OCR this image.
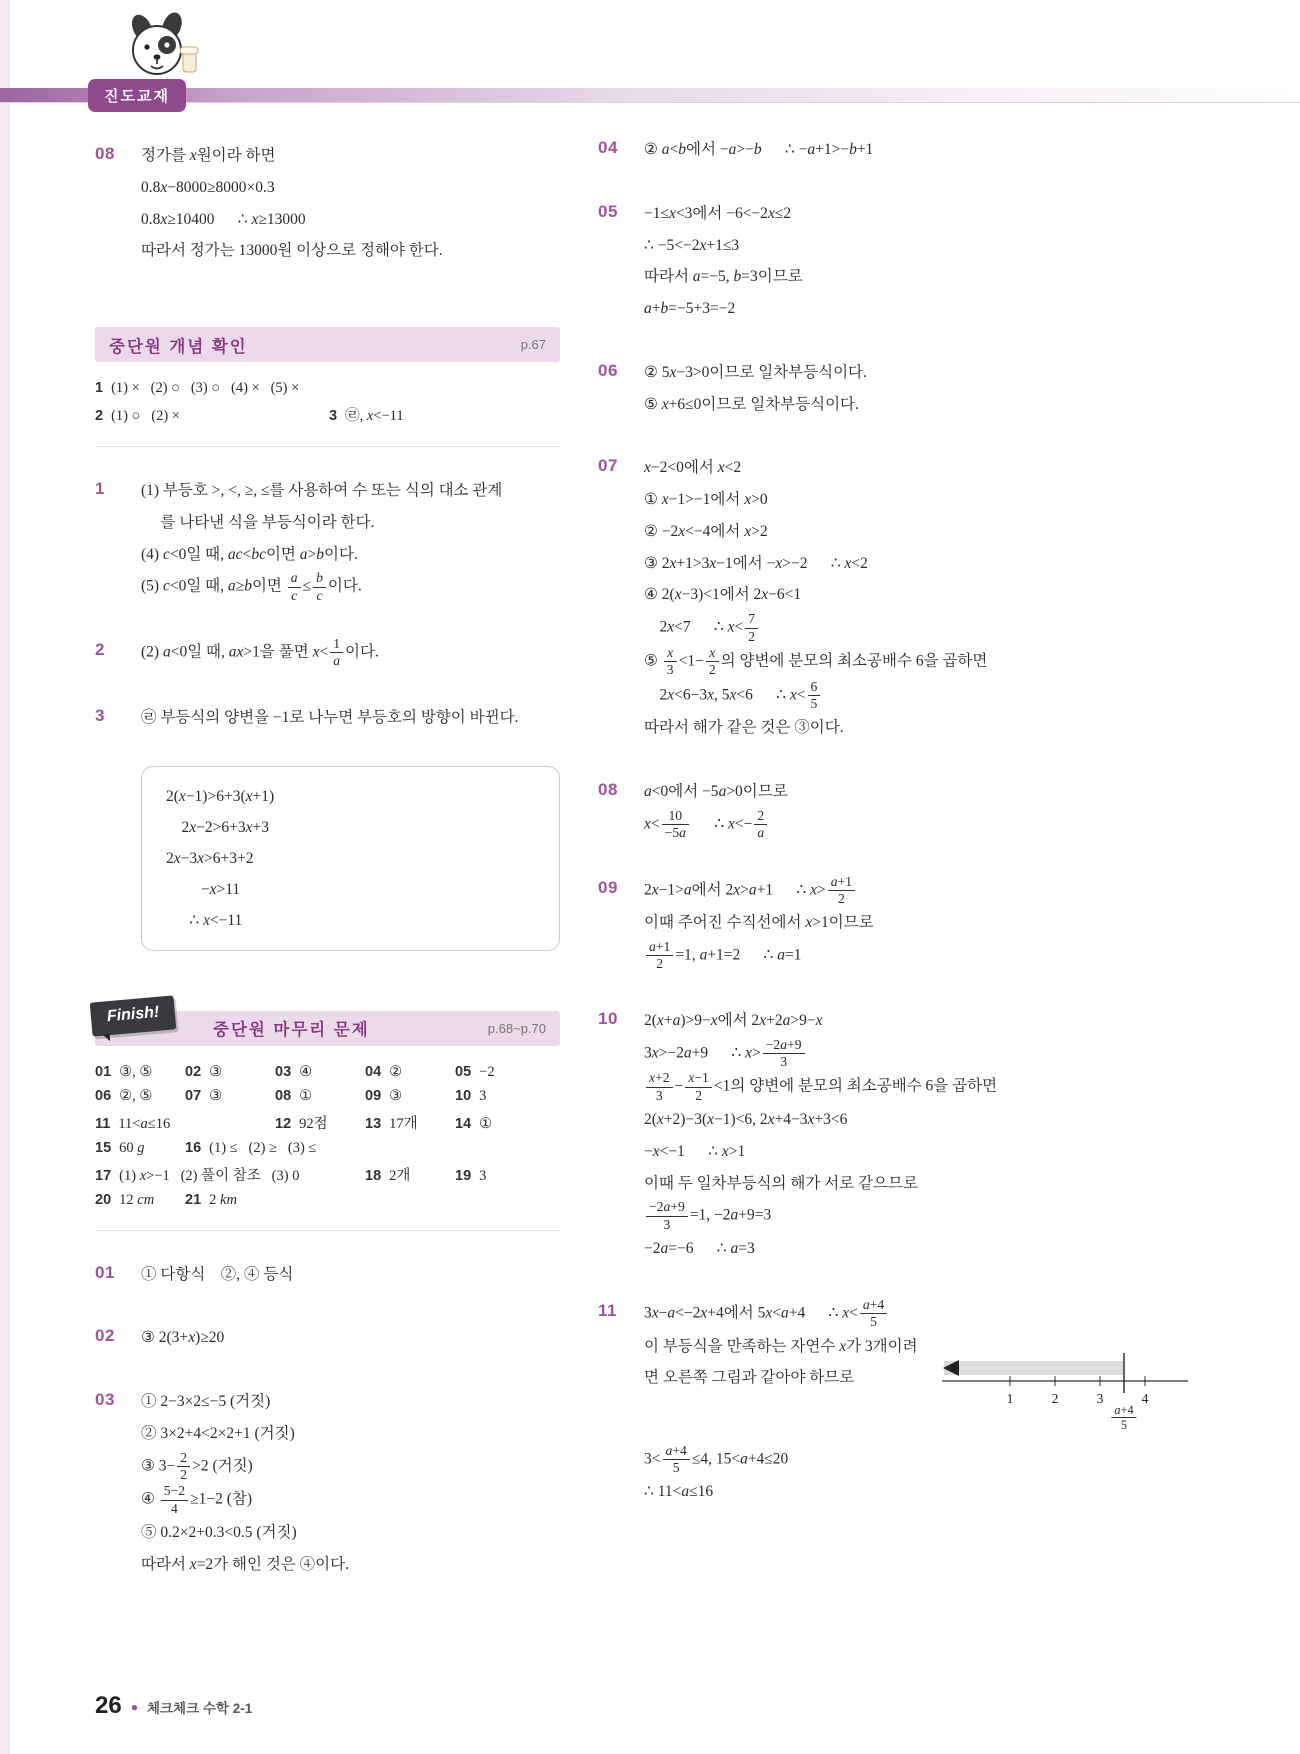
진도교재
08	정가를 x원이라 하면
0.8x−8000≥8000×0.3
0.8x≥10400      ∴ x≥13000
따라서 정가는 13000원 이상으로 정해야 한다.
중단원 개념 확인	p.67
1 (1) ×   (2) ○   (3) ○   (4) ×   (5) ×
2 (1) ○   (2) ×	3 ㉣, x<−11
1	(1) 부등호 >, <, ≥, ≤를 사용하여 수 또는 식의 대소 관계
를 나타낸 식을 부등식이라 한다.
(4) c<0일 때, ac<bc이면 a>b이다.
(5) c<0일 때, a≥b이면 $\frac{a}{c} \le \frac{b}{c}$ 이다.
2	(2) a<0일 때, ax>1을 풀면 $x< \frac{1}{a}$ 이다.
3	㉣ 부등식의 양변을 −1로 나누면 부등호의 방향이 바뀐다.
2(x−1)>6+3(x+1)
2x−2>6+3x+3
2x−3x>6+3+2
−x>11
∴ x<−11
Finish!
중단원 마무리 문제	p.68~p.70
01 ③, ⑤ 02 ③	03 ④	04 ②	05 −2
06 ②, ⑤ 07 ③	08 ①	09 ③	10 3
11 11<a≤16	12 92점	13 17개	14 ①
15 60 g	16 (1) ≤   (2) ≥   (3) ≤
17 (1) x>−1   (2) 풀이 참조   (3) 0	18 2개	19 3
20 12 cm 21 2 km
01	① 다항식    ②, ④ 등식
02	③ 2(3+x)≥20
03	① 2−3×2≤−5 (거짓)
② 3×2+4<2×2+1 (거짓)
③ $3- \frac{2}{2} >2$ (거짓)
④ $\frac{5-2}{4} \ge 1-2$ (참)
⑤ 0.2×2+0.3<0.5 (거짓)
따라서 x=2가 해인 것은 ④이다.
04	② a<b에서 −a>−b      ∴ −a+1>−b+1
05	−1≤x<3에서 −6<−2x≤2
∴ −5<−2x+1≤3
따라서 a=−5, b=3이므로
a+b=−5+3=−2
06	② 5x−3>0이므로 일차부등식이다.
⑤ x+6≤0이므로 일차부등식이다.
07	x−2<0에서 x<2
① x−1>−1에서 x>0
② −2x<−4에서 x>2
③ 2x+1>3x−1에서 −x>−2      ∴ x<2
④ 2(x−3)<1에서 2x−6<1
2x<7      ∴ $x< \frac{7}{2}$
⑤ $\frac{x}{3} <1- \frac{x}{2}$ 의 양변에 분모의 최소공배수 6을 곱하면
2x<6−3x, 5x<6      ∴ $x< \frac{6}{5}$
따라서 해가 같은 것은 ③이다.
08	a<0에서 −5a>0이므로
$x< \frac{10}{-5a}$ ∴ $x<- \frac{2}{a}$
09	2x−1>a에서 2x>a+1      ∴ $x> \frac{a+1}{2}$
이때 주어진 수직선에서 x>1이므로
$\frac{a+1}{2} =1$, a+1=2      ∴ a=1
10	2(x+a)>9−x에서 2x+2a>9−x
3x>−2a+9      ∴ $x> \frac{-2a+9}{3}$
$\frac{x+2}{3} - \frac{x-1}{2} <1$의 양변에 분모의 최소공배수 6을 곱하면
2(x+2)−3(x−1)<6, 2x+4−3x+3<6
−x<−1      ∴ x>1
이때 두 일차부등식의 해가 서로 같으므로
$\frac{-2a+9}{3} =1$, −2a+9=3
−2a=−6      ∴ a=3
11	3x−a<−2x+4에서 5x<a+4      ∴ $x< \frac{a+4}{5}$
이 부등식을 만족하는 자연수 x가 3개이려면 오른쪽 그림과 같아야 하므로
1	2	3	4
$\frac{a+4}{5}$
$3< \frac{a+4}{5} \le 4$, 15<a+4≤20
∴ 11<a≤16
26 ● 체크체크 수학 2-1
